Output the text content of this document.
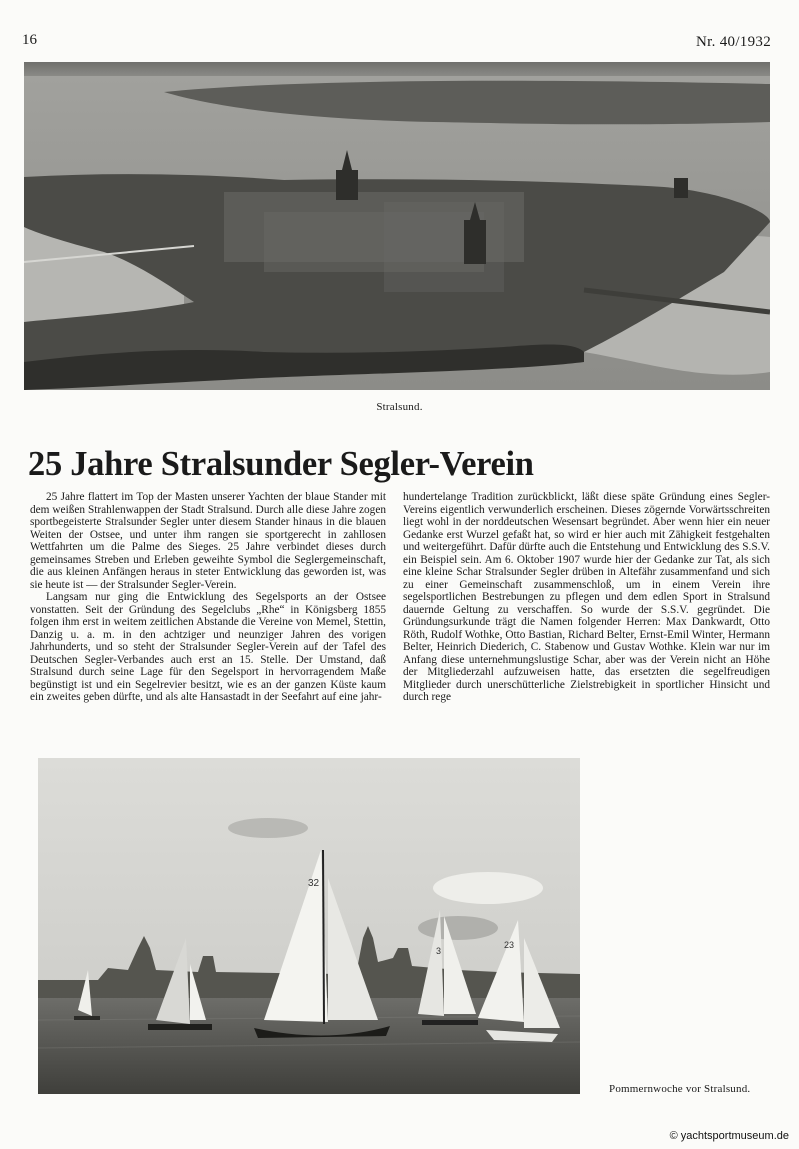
16	Nr. 40/1932
Stralsund.
25 Jahre Stralsunder Segler-Verein

25 Jahre flattert im Top der Masten unserer Yachten der blaue Stander mit dem weißen Strahlenwappen der Stadt Stralsund. Durch alle diese Jahre zogen sportbegeisterte Stralsunder Segler unter diesem Stander hinaus in die blauen Weiten der Ostsee, und unter ihm rangen sie sportgerecht in zahllosen Wettfahrten um die Palme des Sieges. 25 Jahre verbindet dieses durch gemeinsames Streben und Erleben geweihte Symbol die Seglergemeinschaft, die aus kleinen Anfängen heraus in steter Entwicklung das geworden ist, was sie heute ist — der Stralsunder Segler-Verein.

Langsam nur ging die Entwicklung des Segelsports an der Ostsee vonstatten. Seit der Gründung des Segelclubs „Rhe“ in Königsberg 1855 folgen ihm erst in weitem zeitlichen Abstande die Vereine von Memel, Stettin, Danzig u. a. m. in den achtziger und neunziger Jahren des vorigen Jahrhunderts, und so steht der Stralsunder Segler-Verein auf der Tafel des Deutschen Segler-Verbandes auch erst an 15. Stelle. Der Umstand, daß Stralsund durch seine Lage für den Segelsport in hervorragendem Maße begünstigt ist und ein Segelrevier besitzt, wie es an der ganzen Küste kaum ein zweites geben dürfte, und als alte Hansastadt in der Seefahrt auf eine jahr-

hundertelange Tradition zurückblickt, läßt diese späte Gründung eines Segler-Vereins eigentlich verwunderlich erscheinen. Dieses zögernde Vorwärtsschreiten liegt wohl in der norddeutschen Wesensart begründet. Aber wenn hier ein neuer Gedanke erst Wurzel gefaßt hat, so wird er hier auch mit Zähigkeit festgehalten und weitergeführt. Dafür dürfte auch die Entstehung und Entwicklung des S.S.V. ein Beispiel sein. Am 6. Oktober 1907 wurde hier der Gedanke zur Tat, als sich eine kleine Schar Stralsunder Segler drüben in Altefähr zusammenfand und sich zu einer Gemeinschaft zusammenschloß, um in einem Verein ihre segelsportlichen Bestrebungen zu pflegen und dem edlen Sport in Stralsund dauernde Geltung zu verschaffen. So wurde der S.S.V. gegründet. Die Gründungsurkunde trägt die Namen folgender Herren: Max Dankwardt, Otto Röth, Rudolf Wothke, Otto Bastian, Richard Belter, Ernst-Emil Winter, Hermann Belter, Heinrich Diederich, C. Stabenow und Gustav Wothke. Klein war nur im Anfang diese unternehmungslustige Schar, aber was der Verein nicht an Höhe der Mitgliederzahl aufzuweisen hatte, das ersetzten die segelfreudigen Mitglieder durch unerschütterliche Zielstrebigkeit in sportlicher Hinsicht und durch rege

32
23
3
Pommernwoche vor Stralsund.
© yachtsportmuseum.de
